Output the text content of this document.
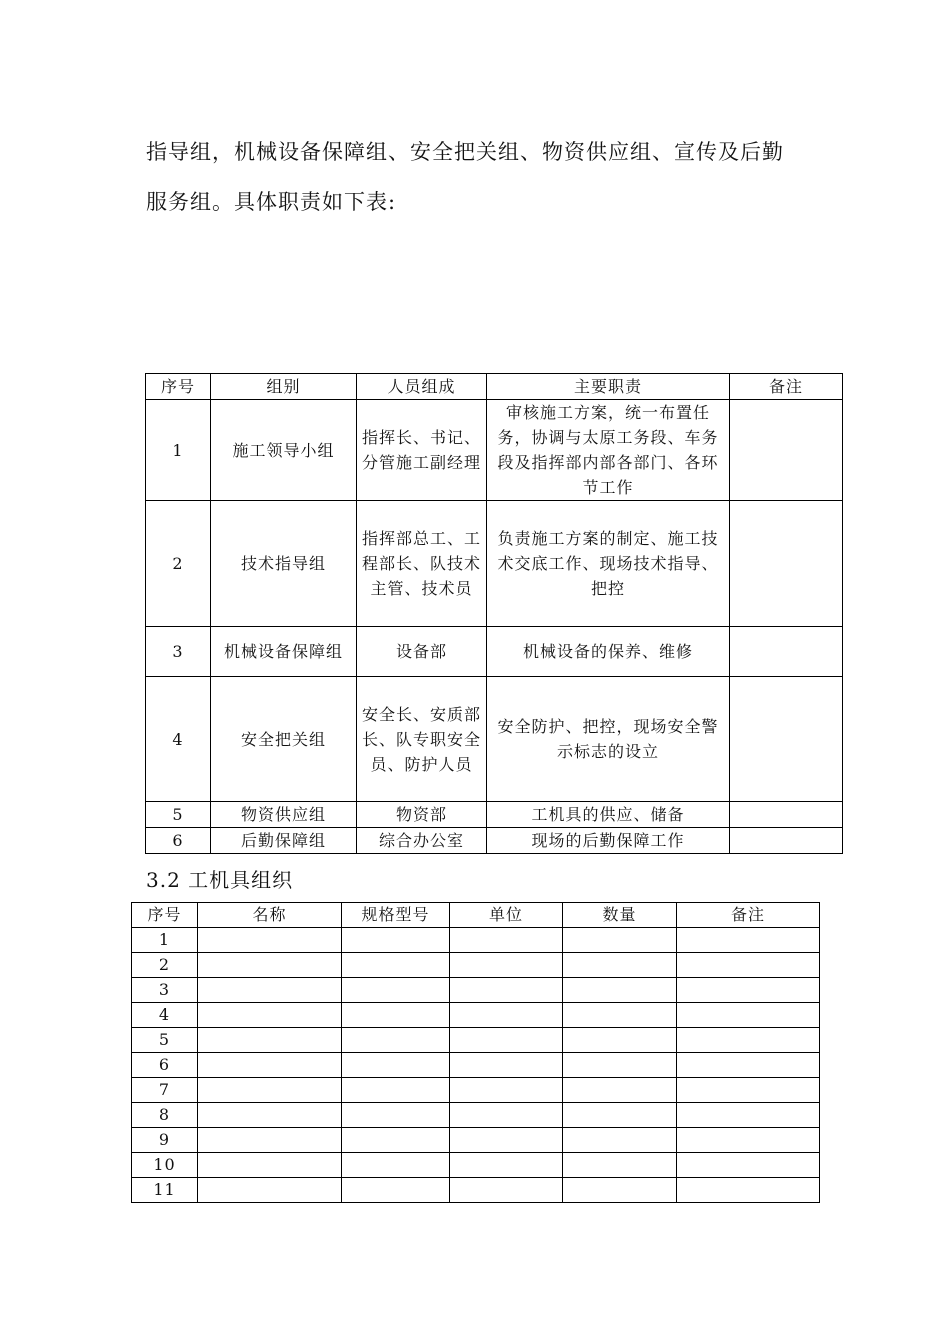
指导组，机械设备保障组、安全把关组、物资供应组、宣传及后勤

服务组。具体职责如下表:

序号	组别	人员组成	主要职责	备注
1	施工领导小组	指挥长、书记、分管施工副经理	审核施工方案，统一布置任务，协调与太原工务段、车务段及指挥部内部各部门、各环节工作	
2	技术指导组	指挥部总工、工程部长、队技术主管、技术员	负责施工方案的制定、施工技术交底工作、现场技术指导、把控	
3	机械设备保障组	设备部	机械设备的保养、维修	
4	安全把关组	安全长、安质部长、队专职安全员、防护人员	安全防护、把控，现场安全警示标志的设立	
5	物资供应组	物资部	工机具的供应、储备	
6	后勤保障组	综合办公室	现场的后勤保障工作	
3.2 工机具组织
序号	名称	规格型号	单位	数量	备注
1					
2					
3					
4					
5					
6					
7					
8					
9					
10					
11					
